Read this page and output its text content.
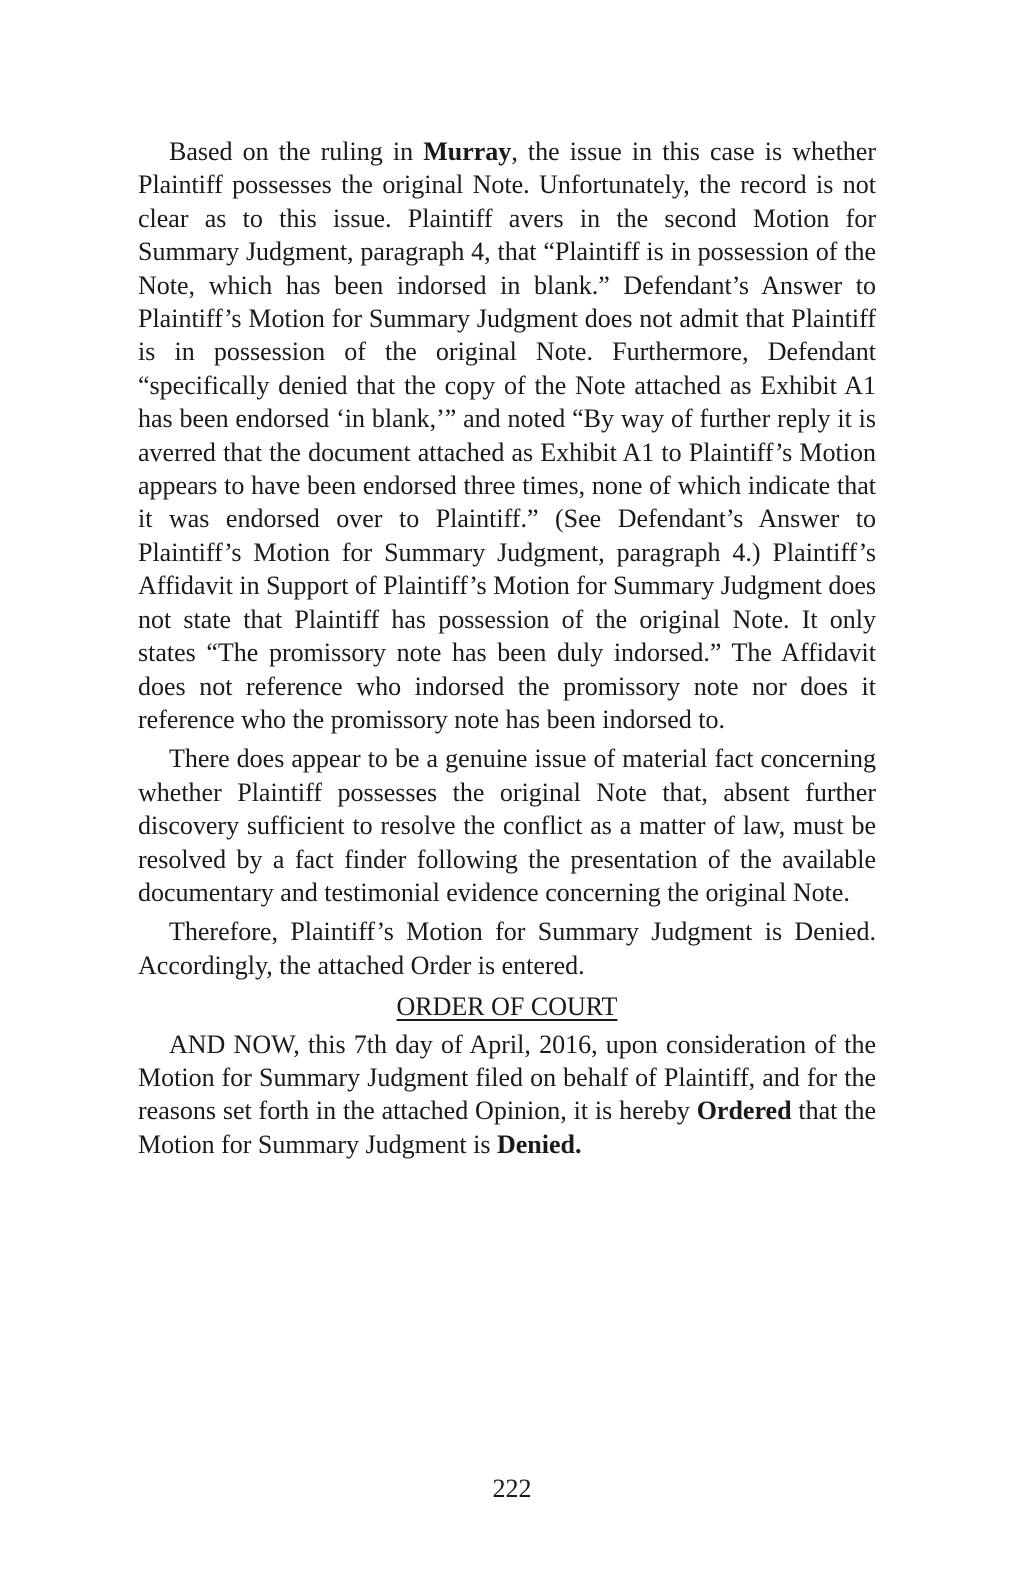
Based on the ruling in Murray, the issue in this case is whether Plaintiff possesses the original Note. Unfortunately, the record is not clear as to this issue. Plaintiff avers in the second Motion for Summary Judgment, paragraph 4, that “Plaintiff is in possession of the Note, which has been indorsed in blank.” Defendant’s Answer to Plaintiff’s Motion for Summary Judgment does not admit that Plaintiff is in possession of the original Note. Furthermore, Defendant “specifically denied that the copy of the Note attached as Exhibit A1 has been endorsed ‘in blank,’” and noted “By way of further reply it is averred that the document attached as Exhibit A1 to Plaintiff’s Motion appears to have been endorsed three times, none of which indicate that it was endorsed over to Plaintiff.” (See Defendant’s Answer to Plaintiff’s Motion for Summary Judgment, paragraph 4.) Plaintiff’s Affidavit in Support of Plaintiff’s Motion for Summary Judgment does not state that Plaintiff has possession of the original Note. It only states “The promissory note has been duly indorsed.” The Affidavit does not reference who indorsed the promissory note nor does it reference who the promissory note has been indorsed to.

There does appear to be a genuine issue of material fact concerning whether Plaintiff possesses the original Note that, absent further discovery sufficient to resolve the conflict as a matter of law, must be resolved by a fact finder following the presentation of the available documentary and testimonial evidence concerning the original Note.

Therefore, Plaintiff’s Motion for Summary Judgment is Denied. Accordingly, the attached Order is entered.

ORDER OF COURT

AND NOW, this 7th day of April, 2016, upon consideration of the Motion for Summary Judgment filed on behalf of Plaintiff, and for the reasons set forth in the attached Opinion, it is hereby Ordered that the Motion for Summary Judgment is Denied.

222
